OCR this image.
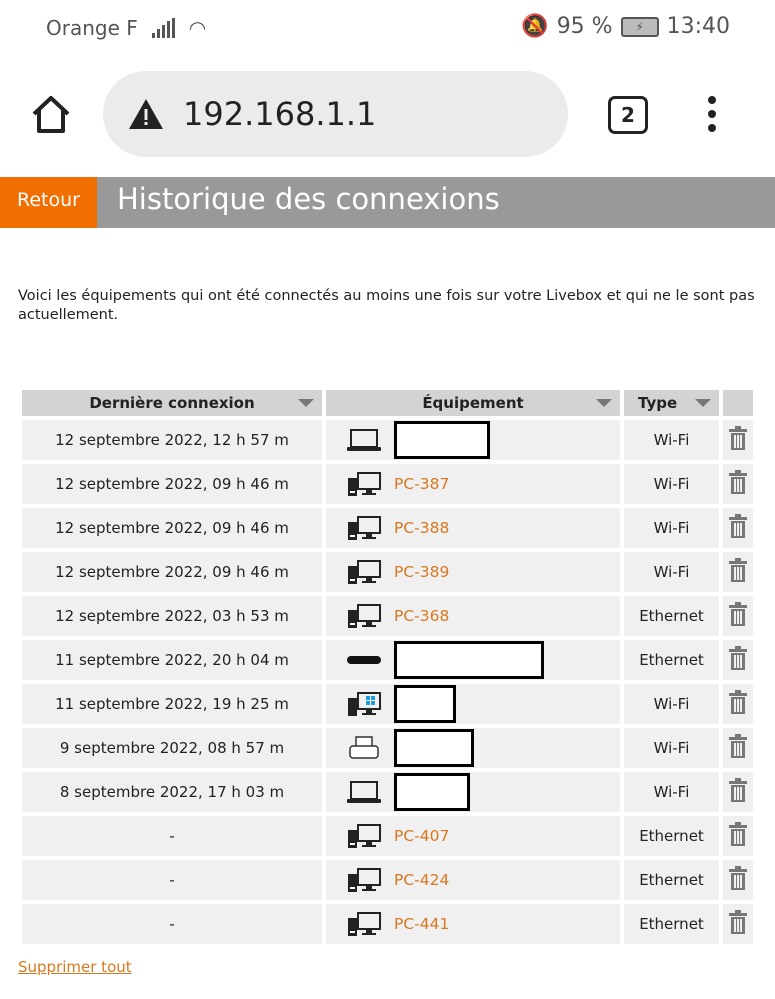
Orange F	◠	🔕 95 %	⚡	13:40
192.168.1.1	2
Retour	Historique des connexions

Voici les équipements qui ont été connectés au moins une fois sur votre Livebox et qui ne le sont pas actuellement.

Dernière connexion	Équipement	Type

12 septembre 2022, 12 h 57 m		Wi-Fi	
12 septembre 2022, 09 h 46 m	PC-387	Wi-Fi	
12 septembre 2022, 09 h 46 m	PC-388	Wi-Fi	
12 septembre 2022, 09 h 46 m	PC-389	Wi-Fi	
12 septembre 2022, 03 h 53 m	PC-368	Ethernet	
11 septembre 2022, 20 h 04 m		Ethernet	
11 septembre 2022, 19 h 25 m		Wi-Fi	
9 septembre 2022, 08 h 57 m		Wi-Fi	
8 septembre 2022, 17 h 03 m		Wi-Fi	
-	PC-407	Ethernet	
-	PC-424	Ethernet	
-	PC-441	Ethernet	
Supprimer tout
